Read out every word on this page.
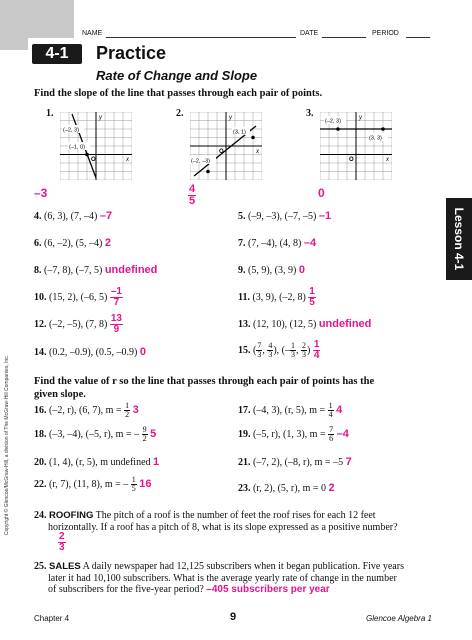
NAME	DATE	PERIOD
4-1	Practice
Rate of Change and Slope
Lesson 4-1
Copyright © Glencoe/McGraw-Hill, a division of The McGraw-Hill Companies, Inc.
Find the slope of the line that passes through each pair of points.
1.
(–2, 3)
(–1, 0)
O
y
x
–3
2.
(3, 1)
(–2, –3)
O
y
x
$\frac{4}{5}$
3.
(–2, 3)
(3, 3)
O
y
x
0
4. (6, 3), (7, –4) –7	5. (–9, –3), (–7, –5) –1
6. (6, –2), (5, –4) 2	7. (7, –4), (4, 8) –4
8. (–7, 8), (–7, 5) undefined	9. (5, 9), (3, 9) 0
10. (15, 2), (–6, $5) \frac{-1}{7}$	11. (3, 9), (–2, $8) \frac{1}{5}$
12. (–2, –5), (7, $8) \frac{13}{9}$	13. (12, 10), (12, 5) undefined
14. (0.2, –0.9), (0.5, –0.9) 0	15. ( $\frac{7}{3}$ , $\frac{4}{3}$ ), (– $\frac{1}{3}$ , $\frac{2}{3}$ ) $\frac{1}{4}$
Find the value of r so the line that passes through each pair of points has the
given slope.
16. (–2, r), (6, 7), $m = \frac{1}{2} 3$	17. (–4, 3), (r, 5), $m = \frac{1}{4} 4$
18. (–3, –4), (–5, r), m = – $\frac{9}{2} 5$	19. (–5, r), (1, 3), $m = \frac{7}{6} -4$
20. (1, 4), (r, 5), m undefined 1	21. (–7, 2), (–8, r), m = –5 7
22. (r, 7), (11, 8), m = – $\frac{1}{5} 16$	23. (r, 2), (5, r), m = 0 2
24. ROOFING The pitch of a roof is the number of feet the roof rises for each 12 feet
horizontally. If a roof has a pitch of 8, what is its slope expressed as a positive number?
$\frac{2}{3}$
25. SALES A daily newspaper had 12,125 subscribers when it began publication. Five years
later it had 10,100 subscribers. What is the average yearly rate of change in the number
of subscribers for the five-year period? –405 subscribers per year
Chapter 4	9	Glencoe Algebra 1
